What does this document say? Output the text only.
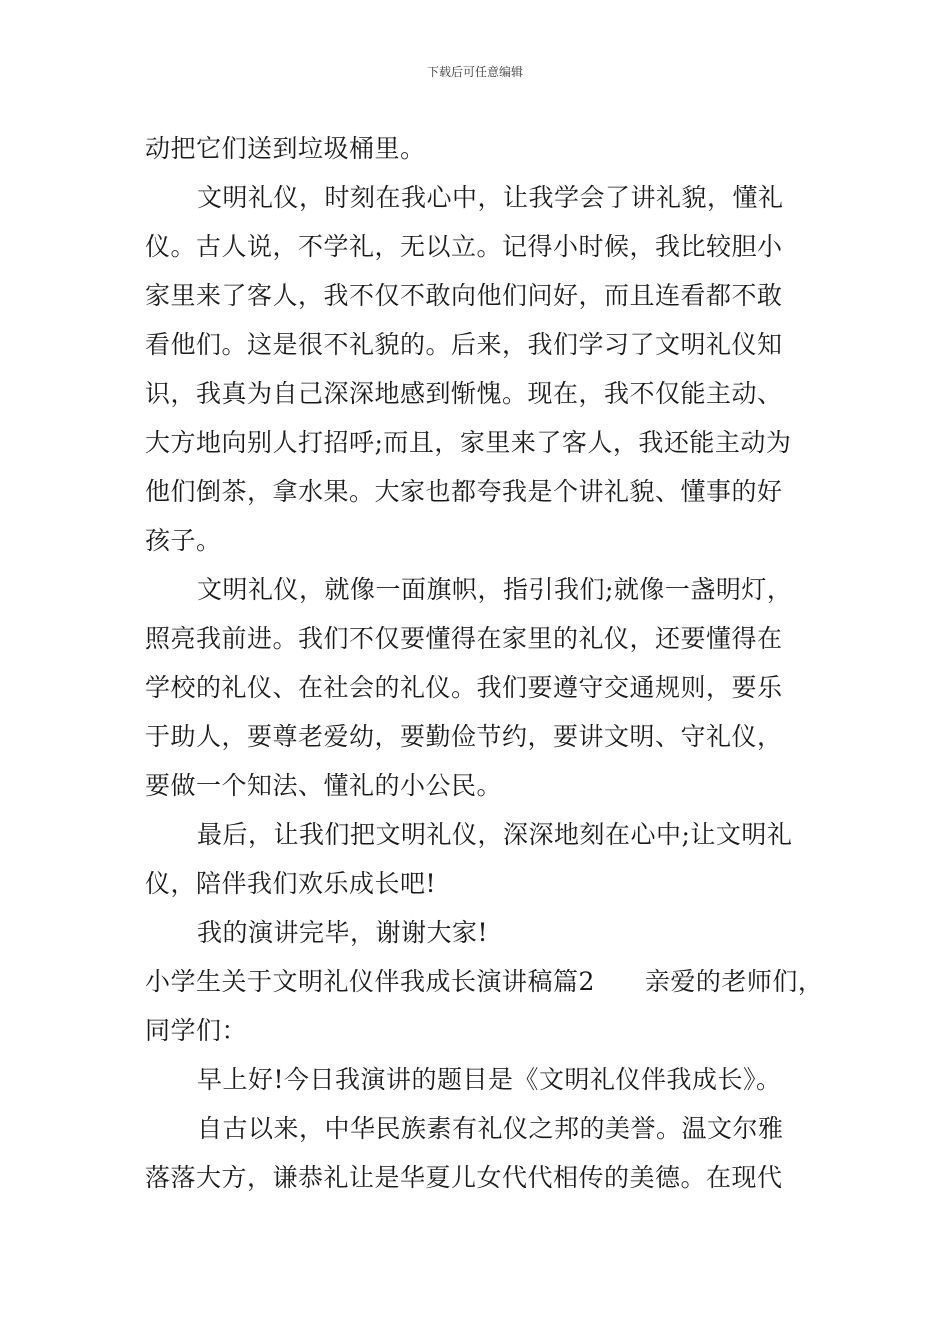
下载后可任意编辑
动把它们送到垃圾桶里。
文明礼仪，时刻在我心中，让我学会了讲礼貌，懂礼
仪。古人说，不学礼，无以立。记得小时候，我比较胆小
家里来了客人，我不仅不敢向他们问好，而且连看都不敢
看他们。这是很不礼貌的。后来，我们学习了文明礼仪知
识，我真为自己深深地感到惭愧。现在，我不仅能主动、
大方地向别人打招呼;而且，家里来了客人，我还能主动为
他们倒茶，拿水果。大家也都夸我是个讲礼貌、懂事的好
孩子。
文明礼仪，就像一面旗帜，指引我们;就像一盏明灯，
照亮我前进。我们不仅要懂得在家里的礼仪，还要懂得在
学校的礼仪、在社会的礼仪。我们要遵守交通规则，要乐
于助人，要尊老爱幼，要勤俭节约，要讲文明、守礼仪，
要做一个知法、懂礼的小公民。
最后，让我们把文明礼仪，深深地刻在心中;让文明礼
仪，陪伴我们欢乐成长吧!
我的演讲完毕，谢谢大家!
小学生关于文明礼仪伴我成长演讲稿篇2 亲爱的老师们，
同学们：
早上好!今日我演讲的题目是《文明礼仪伴我成长》。
自古以来，中华民族素有礼仪之邦的美誉。温文尔雅
落落大方，谦恭礼让是华夏儿女代代相传的美德。在现代
